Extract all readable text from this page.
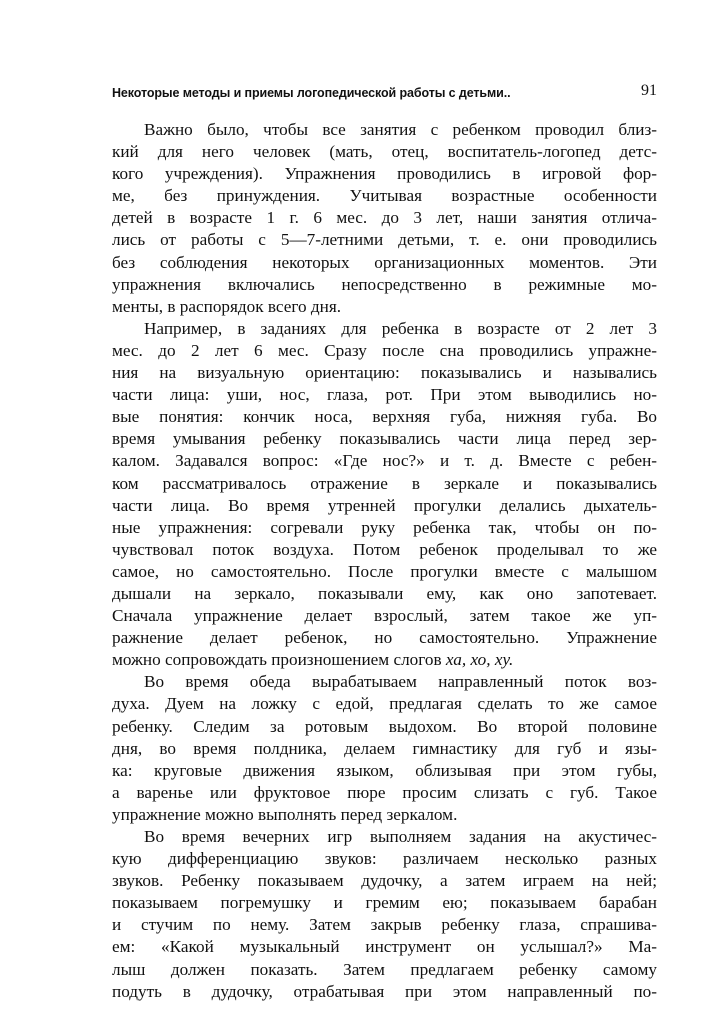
Некоторые методы и приемы логопедической работы с детьми..	91
Важно было, чтобы все занятия с ребенком проводил близ-
кий для него человек (мать, отец, воспитатель-логопед детс-
кого учреждения). Упражнения проводились в игровой фор-
ме, без принуждения. Учитывая возрастные особенности
детей в возрасте 1 г. 6 мес. до 3 лет, наши занятия отлича-
лись от работы с 5—7-летними детьми, т. е. они проводились
без соблюдения некоторых организационных моментов. Эти
упражнения включались непосредственно в режимные мо-
менты, в распорядок всего дня.
Например, в заданиях для ребенка в возрасте от 2 лет 3
мес. до 2 лет 6 мес. Сразу после сна проводились упражне-
ния на визуальную ориентацию: показывались и назывались
части лица: уши, нос, глаза, рот. При этом выводились но-
вые понятия: кончик носа, верхняя губа, нижняя губа. Во
время умывания ребенку показывались части лица перед зер-
калом. Задавался вопрос: «Где нос?» и т. д. Вместе с ребен-
ком рассматривалось отражение в зеркале и показывались
части лица. Во время утренней прогулки делались дыхатель-
ные упражнения: согревали руку ребенка так, чтобы он по-
чувствовал поток воздуха. Потом ребенок проделывал то же
самое, но самостоятельно. После прогулки вместе с малышом
дышали на зеркало, показывали ему, как оно запотевает.
Сначала упражнение делает взрослый, затем такое же уп-
ражнение делает ребенок, но самостоятельно. Упражнение
можно сопровождать произношением слогов ха, хо, ху.
Во время обеда вырабатываем направленный поток воз-
духа. Дуем на ложку с едой, предлагая сделать то же самое
ребенку. Следим за ротовым выдохом. Во второй половине
дня, во время полдника, делаем гимнастику для губ и язы-
ка: круговые движения языком, облизывая при этом губы,
а варенье или фруктовое пюре просим слизать с губ. Такое
упражнение можно выполнять перед зеркалом.
Во время вечерних игр выполняем задания на акустичес-
кую дифференциацию звуков: различаем несколько разных
звуков. Ребенку показываем дудочку, а затем играем на ней;
показываем погремушку и гремим ею; показываем барабан
и стучим по нему. Затем закрыв ребенку глаза, спрашива-
ем: «Какой музыкальный инструмент он услышал?» Ма-
лыш должен показать. Затем предлагаем ребенку самому
подуть в дудочку, отрабатывая при этом направленный по-
